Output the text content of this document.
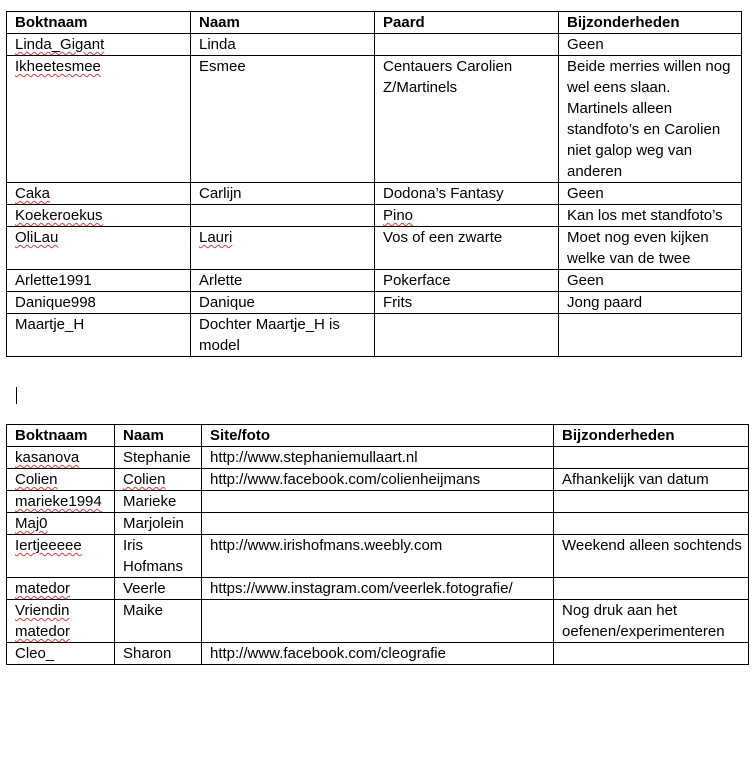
Boktnaam	Naam	Paard	Bijzonderheden
Linda_Gigant	Linda		Geen
Ikheetesmee	Esmee	Centauers Carolien Z/Martinels	Beide merries willen nog wel eens slaan. Martinels alleen standfoto’s en Carolien niet galop weg van anderen
Caka	Carlijn	Dodona’s Fantasy	Geen
Koekeroekus		Pino	Kan los met standfoto’s
OliLau	Lauri	Vos of een zwarte	Moet nog even kijken welke van de twee
Arlette1991	Arlette	Pokerface	Geen
Danique998	Danique	Frits	Jong paard
Maartje_H	Dochter Maartje_H is model		
Boktnaam	Naam	Site/foto	Bijzonderheden
kasanova	Stephanie	http://www.stephaniemullaart.nl	
Colien	Colien	http://www.facebook.com/colienheijmans	Afhankelijk van datum
marieke1994	Marieke		
Maj0	Marjolein		
Iertjeeeee	Iris Hofmans	http://www.irishofmans.weebly.com	Weekend alleen sochtends
matedor	Veerle	https://www.instagram.com/veerlek.fotografie/	
Vriendin matedor	Maike		Nog druk aan het oefenen/experimenteren
Cleo_	Sharon	http://www.facebook.com/cleografie	
